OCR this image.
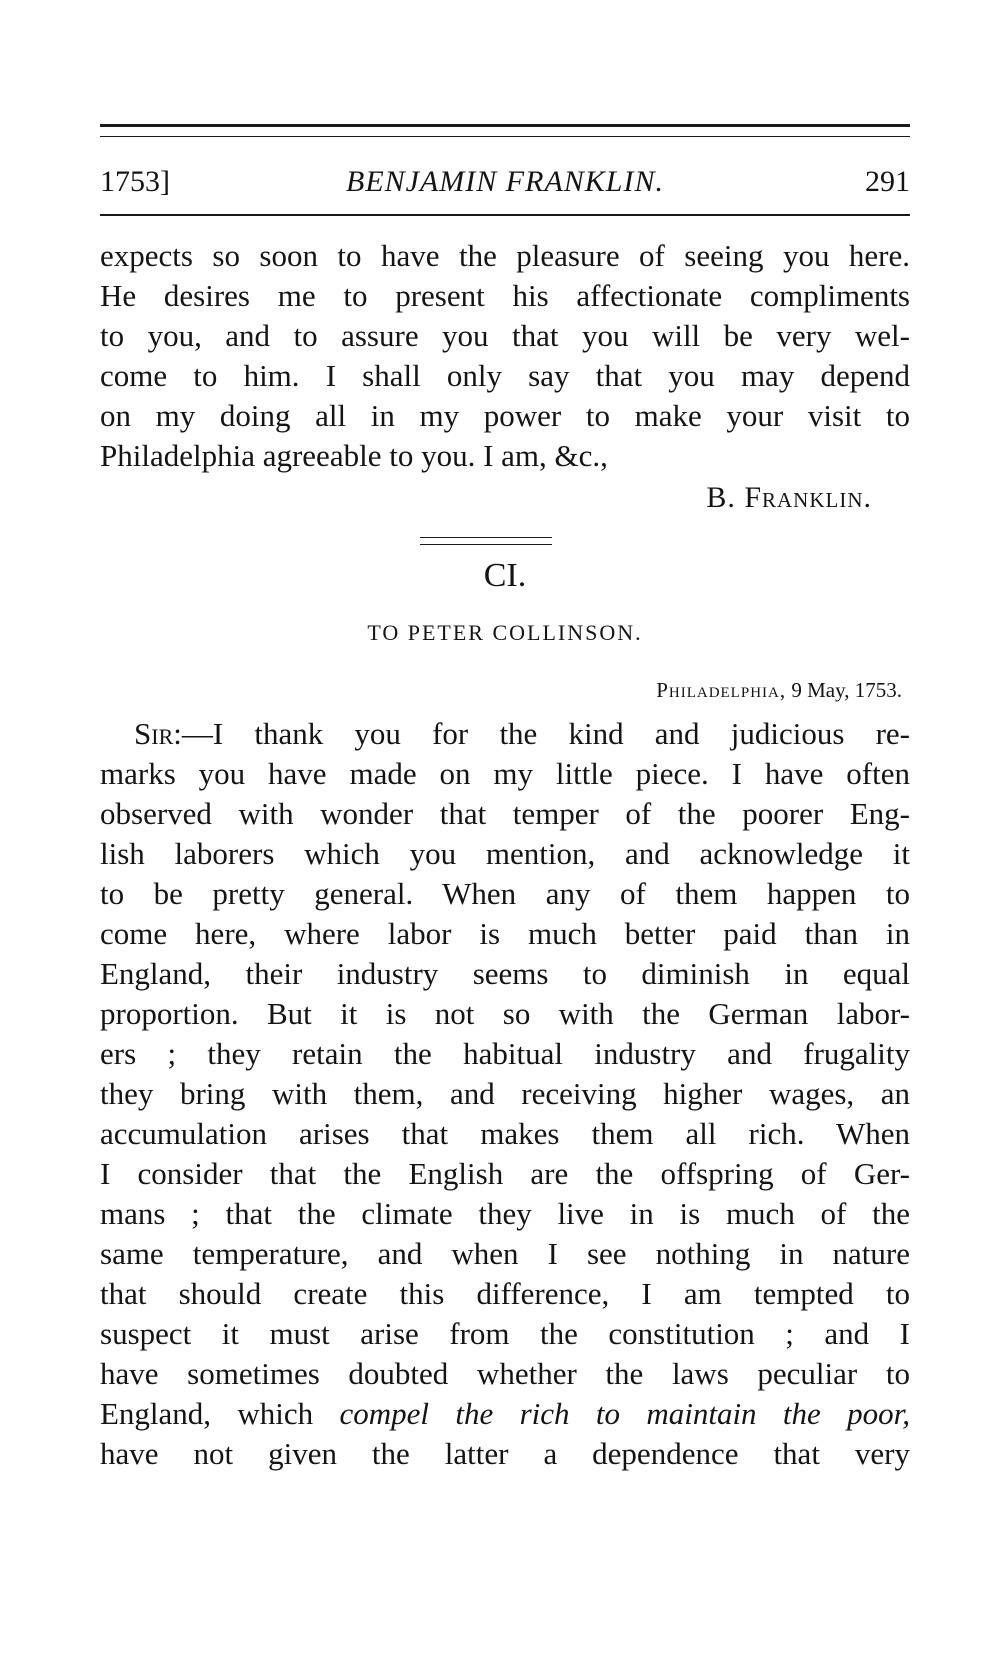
1753]	BENJAMIN FRANKLIN.	291
expects so soon to have the pleasure of seeing you here.
He desires me to present his affectionate compliments
to you, and to assure you that you will be very wel-
come to him. I shall only say that you may depend
on my doing all in my power to make your visit to
Philadelphia agreeable to you. I am, &c.,
B. Franklin.
CI.
TO PETER COLLINSON.
Philadelphia, 9 May, 1753.
Sir:—I thank you for the kind and judicious re-
marks you have made on my little piece. I have often
observed with wonder that temper of the poorer Eng-
lish laborers which you mention, and acknowledge it
to be pretty general. When any of them happen to
come here, where labor is much better paid than in
England, their industry seems to diminish in equal
proportion. But it is not so with the German labor-
ers ; they retain the habitual industry and frugality
they bring with them, and receiving higher wages, an
accumulation arises that makes them all rich. When
I consider that the English are the offspring of Ger-
mans ; that the climate they live in is much of the
same temperature, and when I see nothing in nature
that should create this difference, I am tempted to
suspect it must arise from the constitution ; and I
have sometimes doubted whether the laws peculiar to
England, which compel the rich to maintain the poor,
have not given the latter a dependence that very
